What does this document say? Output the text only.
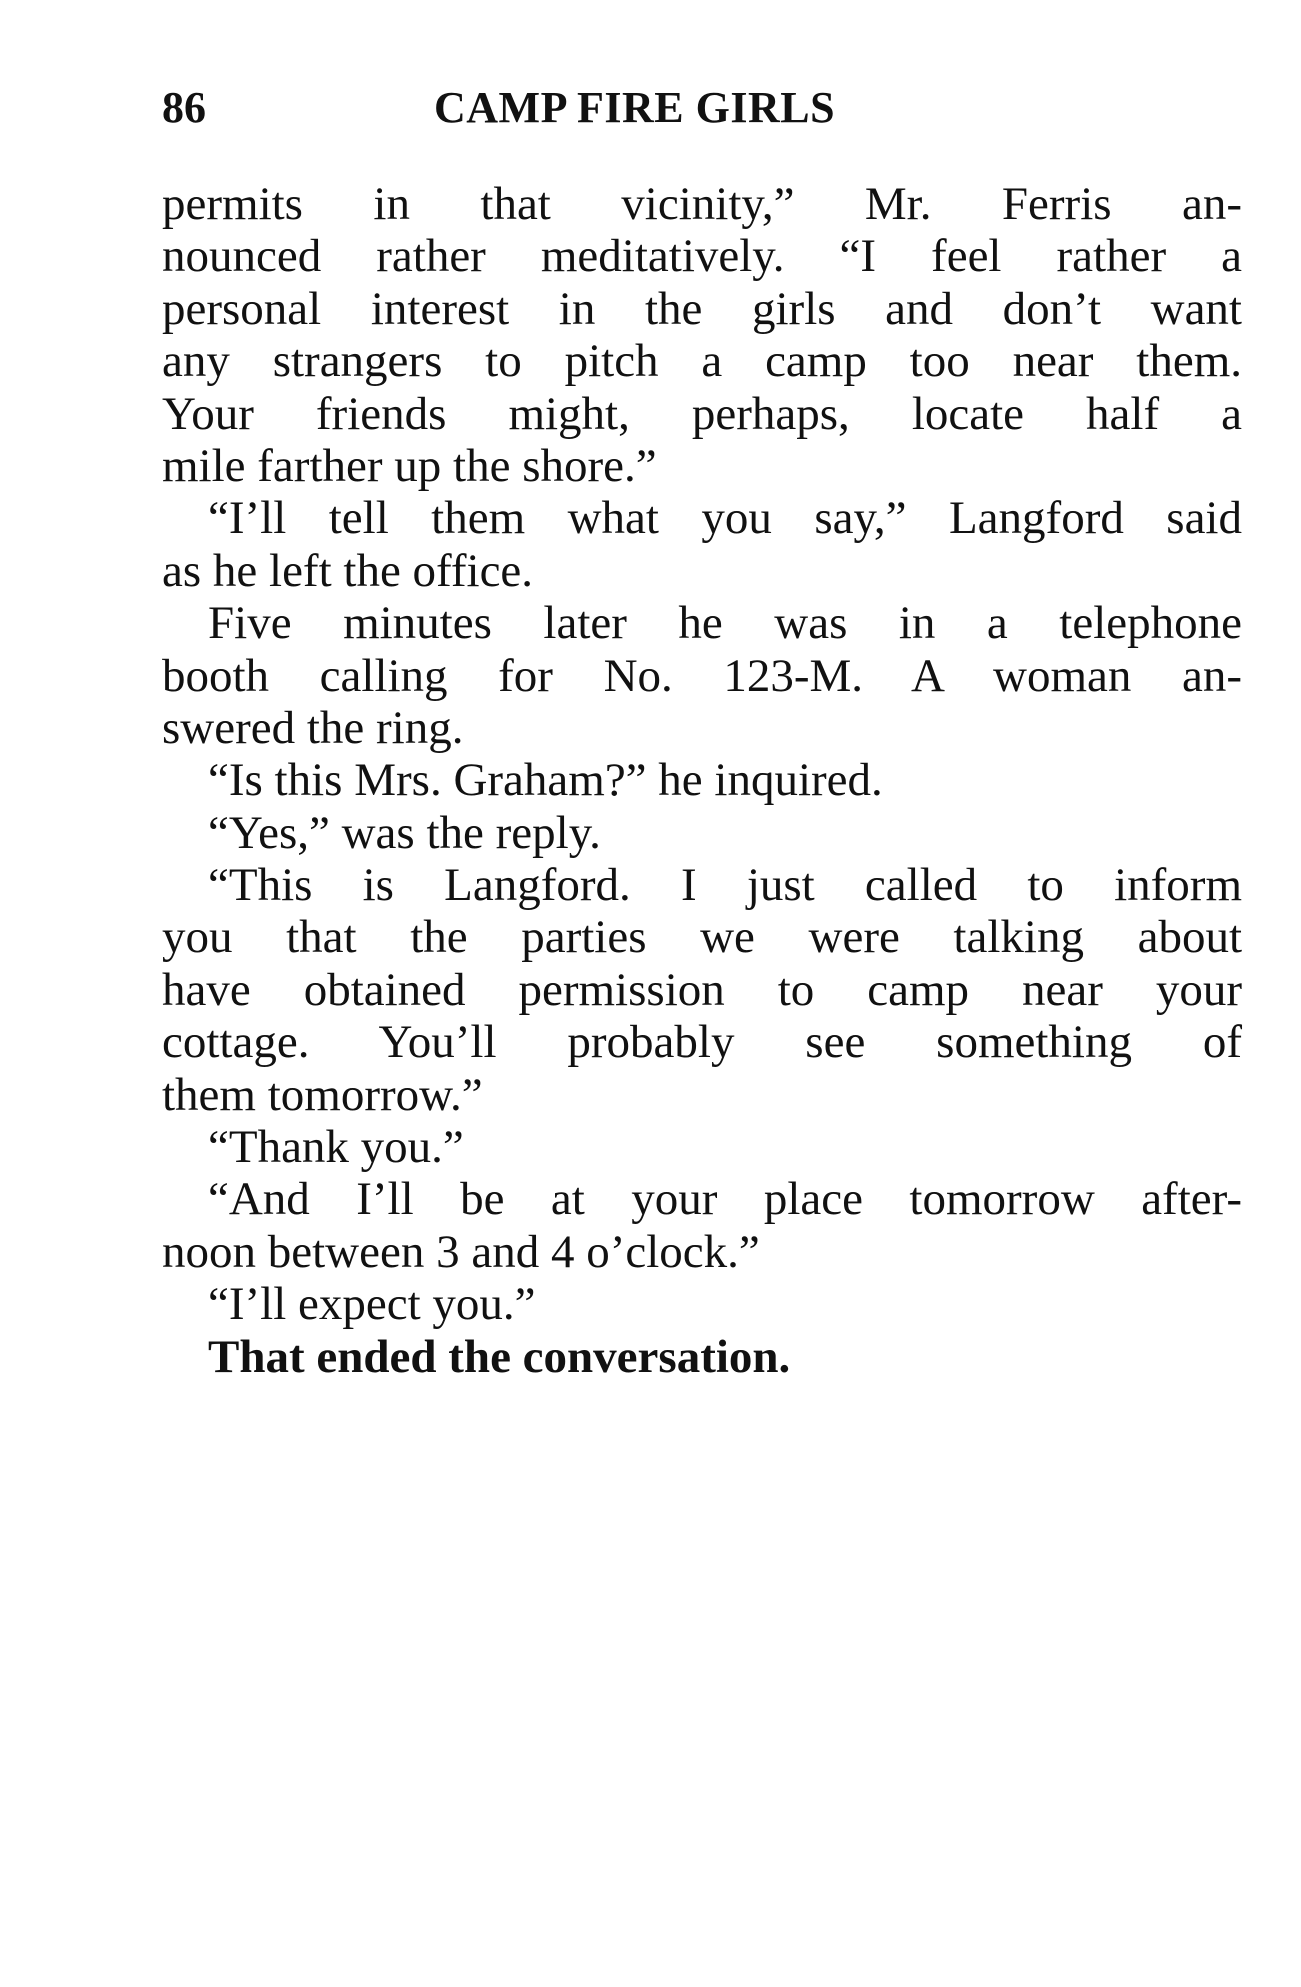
86	CAMP FIRE GIRLS
permits in that vicinity,” Mr. Ferris an-
nounced rather meditatively. “I feel rather a
personal interest in the girls and don’t want
any strangers to pitch a camp too near them.
Your friends might, perhaps, locate half a
mile farther up the shore.”
“I’ll tell them what you say,” Langford said
as he left the office.
Five minutes later he was in a telephone
booth calling for No. 123-M. A woman an-
swered the ring.
“Is this Mrs. Graham?” he inquired.
“Yes,” was the reply.
“This is Langford. I just called to inform
you that the parties we were talking about
have obtained permission to camp near your
cottage. You’ll probably see something of
them tomorrow.”
“Thank you.”
“And I’ll be at your place tomorrow after-
noon between 3 and 4 o’clock.”
“I’ll expect you.”
That ended the conversation.
